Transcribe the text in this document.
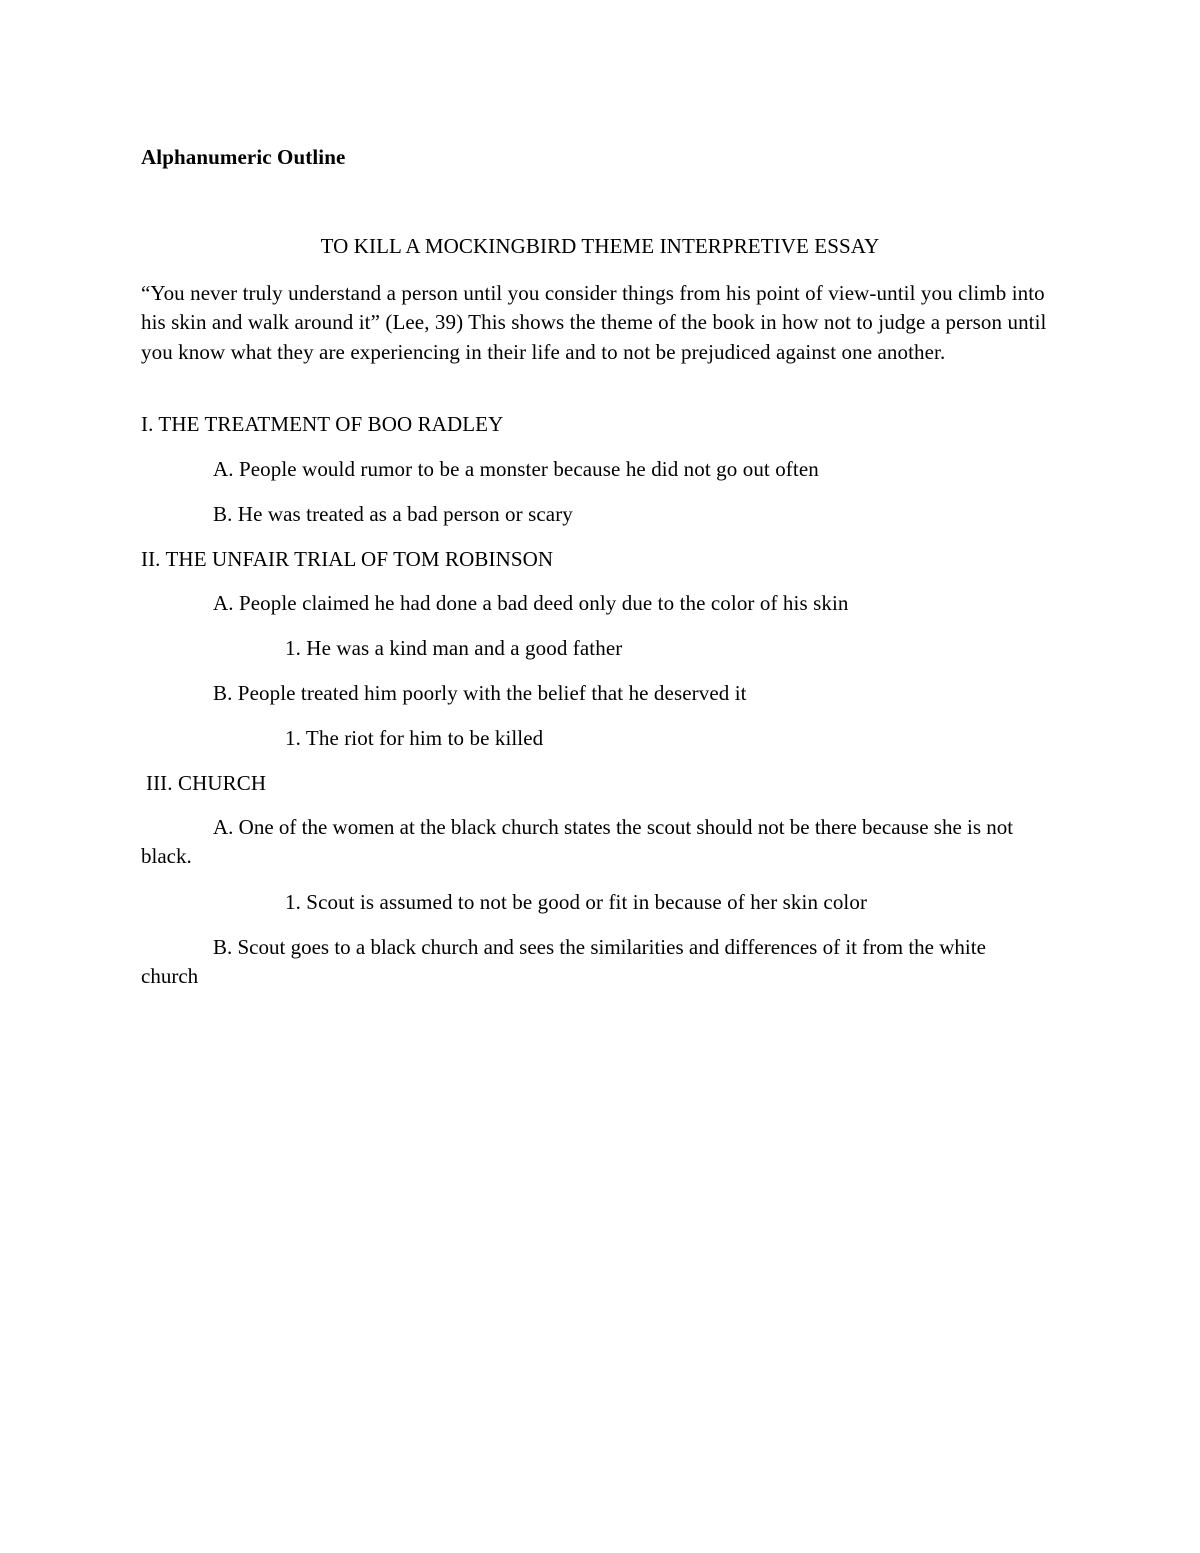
Alphanumeric Outline
TO KILL A MOCKINGBIRD THEME INTERPRETIVE ESSAY
“You never truly understand a person until you consider things from his point of view-until you climb into his skin and walk around it” (Lee, 39) This shows the theme of the book in how not to judge a person until you know what they are experiencing in their life and to not be prejudiced against one another.
I. THE TREATMENT OF BOO RADLEY
A. People would rumor to be a monster because he did not go out often
B. He was treated as a bad person or scary
II. THE UNFAIR TRIAL OF TOM ROBINSON
A. People claimed he had done a bad deed only due to the color of his skin
1. He was a kind man and a good father
B. People treated him poorly with the belief that he deserved it
1. The riot for him to be killed
III. CHURCH
A. One of the women at the black church states the scout should not be there because she is not black.
1. Scout is assumed to not be good or fit in because of her skin color
B. Scout goes to a black church and sees the similarities and differences of it from the white church
